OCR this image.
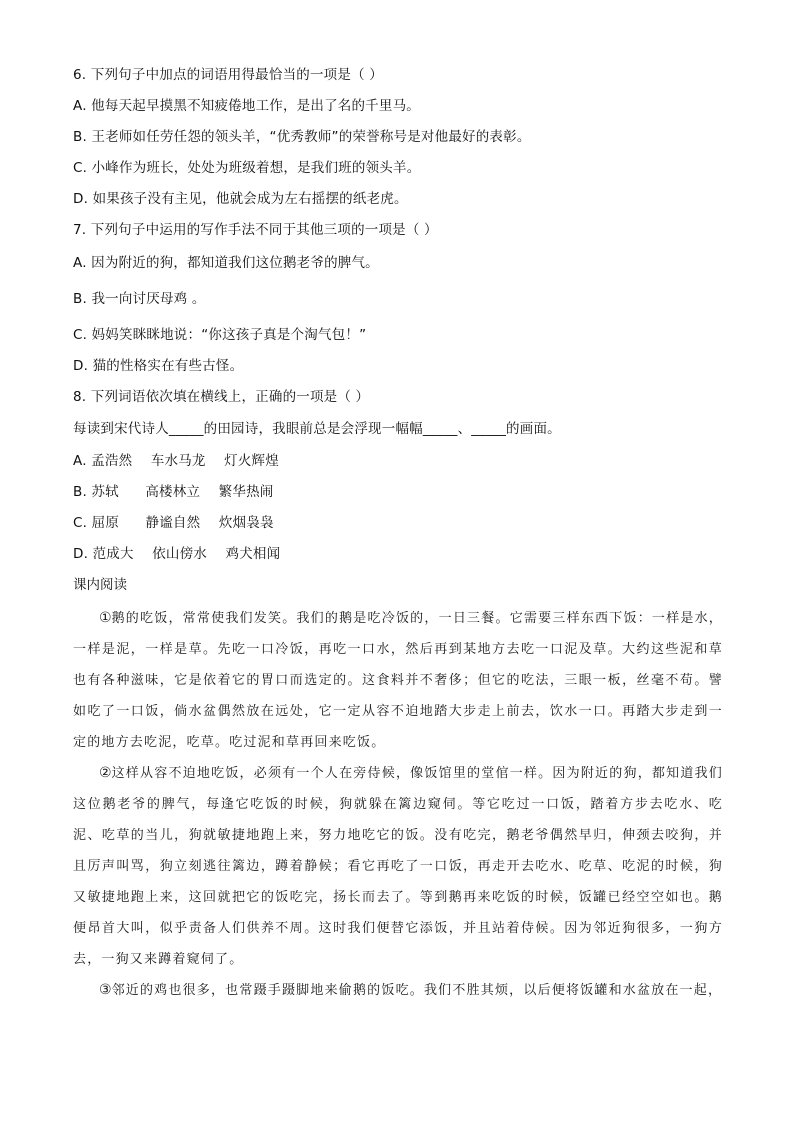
6. 下列句子中加点的词语用得最恰当的一项是（ ）
A. 他每天起早摸黑不知疲倦地工作，是出了名的千里马。
B. 王老师如任劳任怨的领头羊，“优秀教师”的荣誉称号是对他最好的表彰。
C. 小峰作为班长，处处为班级着想，是我们班的领头羊。
D. 如果孩子没有主见，他就会成为左右摇摆的纸老虎。
7. 下列句子中运用的写作手法不同于其他三项的一项是（ ）
A. 因为附近的狗，都知道我们这位鹅老爷的脾气。
B. 我一向讨厌母鸡 。
C. 妈妈笑眯眯地说：“你这孩子真是个淘气包！”
D. 猫的性格实在有些古怪。
8. 下列词语依次填在横线上，正确的一项是（ ）
每读到宋代诗人_____的田园诗，我眼前总是会浮现一幅幅_____、_____的画面。
A. 孟浩然 车水马龙 灯火辉煌
B. 苏轼 高楼林立 繁华热闹
C. 屈原 静谧自然 炊烟袅袅
D. 范成大 依山傍水 鸡犬相闻
课内阅读

①鹅的吃饭，常常使我们发笑。我们的鹅是吃冷饭的，一日三餐。它需要三样东西下饭：一样是水，一样是泥，一样是草。先吃一口冷饭，再吃一口水，然后再到某地方去吃一口泥及草。大约这些泥和草也有各种滋味，它是依着它的胃口而选定的。这食料并不奢侈；但它的吃法，三眼一板，丝毫不苟。譬如吃了一口饭，倘水盆偶然放在远处，它一定从容不迫地踏大步走上前去，饮水一口。再踏大步走到一定的地方去吃泥，吃草。吃过泥和草再回来吃饭。

②这样从容不迫地吃饭，必须有一个人在旁侍候，像饭馆里的堂倌一样。因为附近的狗，都知道我们这位鹅老爷的脾气，每逢它吃饭的时候，狗就躲在篱边窥伺。等它吃过一口饭，踏着方步去吃水、吃泥、吃草的当儿，狗就敏捷地跑上来，努力地吃它的饭。没有吃完，鹅老爷偶然早归，伸颈去咬狗，并且厉声叫骂，狗立刻逃往篱边，蹲着静候；看它再吃了一口饭，再走开去吃水、吃草、吃泥的时候，狗又敏捷地跑上来，这回就把它的饭吃完，扬长而去了。等到鹅再来吃饭的时候，饭罐已经空空如也。鹅便昂首大叫，似乎责备人们供养不周。这时我们便替它添饭，并且站着侍候。因为邻近狗很多，一狗方去，一狗又来蹲着窥伺了。

③邻近的鸡也很多，也常蹑手蹑脚地来偷鹅的饭吃。我们不胜其烦，以后便将饭罐和水盆放在一起，
